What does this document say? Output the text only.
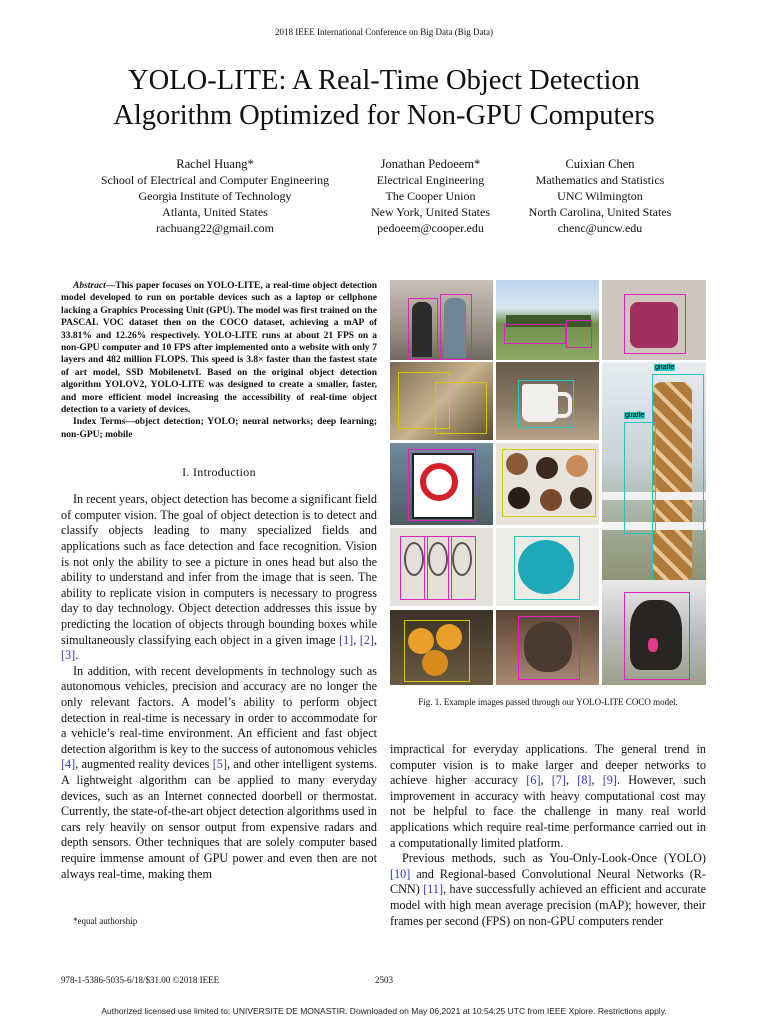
2018 IEEE International Conference on Big Data (Big Data)
YOLO-LITE: A Real-Time Object Detection
Algorithm Optimized for Non-GPU Computers
Rachel Huang*
School of Electrical and Computer Engineering
Georgia Institute of Technology
Atlanta, United States
rachuang22@gmail.com
Jonathan Pedoeem*
Electrical Engineering
The Cooper Union
New York, United States
pedoeem@cooper.edu
Cuixian Chen
Mathematics and Statistics
UNC Wilmington
North Carolina, United States
chenc@uncw.edu

Abstract—This paper focuses on YOLO-LITE, a real-time object detection model developed to run on portable devices such as a laptop or cellphone lacking a Graphics Processing Unit (GPU). The model was first trained on the PASCAL VOC dataset then on the COCO dataset, achieving a mAP of 33.81% and 12.26% respectively. YOLO-LITE runs at about 21 FPS on a non-GPU computer and 10 FPS after implemented onto a website with only 7 layers and 482 million FLOPS. This speed is 3.8× faster than the fastest state of art model, SSD MobilenetvI. Based on the original object detection algorithm YOLOV2, YOLO-LITE was designed to create a smaller, faster, and more efficient model increasing the accessibility of real-time object detection to a variety of devices.

Index Terms—object detection; YOLO; neural networks; deep learning; non-GPU; mobile

I. Introduction

In recent years, object detection has become a significant field of computer vision. The goal of object detection is to detect and classify objects leading to many specialized fields and applications such as face detection and face recognition. Vision is not only the ability to see a picture in ones head but also the ability to understand and infer from the image that is seen. The ability to replicate vision in computers is necessary to progress day to day technology. Object detection addresses this issue by predicting the location of objects through bounding boxes while simultaneously classifying each object in a given image [1], [2], [3].

In addition, with recent developments in technology such as autonomous vehicles, precision and accuracy are no longer the only relevant factors. A model’s ability to perform object detection in real-time is necessary in order to accommodate for a vehicle’s real-time environment. An efficient and fast object detection algorithm is key to the success of autonomous vehicles [4], augmented reality devices [5], and other intelligent systems. A lightweight algorithm can be applied to many everyday devices, such as an Internet connected doorbell or thermostat. Currently, the state-of-the-art object detection algorithms used in cars rely heavily on sensor output from expensive radars and depth sensors. Other techniques that are solely computer based require immense amount of GPU power and even then are not always real-time, making them

*equal authorship
giraffe
giraffe
Fig. 1. Example images passed through our YOLO-LITE COCO model.

impractical for everyday applications. The general trend in computer vision is to make larger and deeper networks to achieve higher accuracy [6], [7], [8], [9]. However, such improvement in accuracy with heavy computational cost may not be helpful to face the challenge in many real world applications which require real-time performance carried out in a computationally limited platform.

Previous methods, such as You-Only-Look-Once (YOLO) [10] and Regional-based Convolutional Neural Networks (R-CNN) [11], have successfully achieved an efficient and accurate model with high mean average precision (mAP); however, their frames per second (FPS) on non-GPU computers render

978-1-5386-5035-6/18/$31.00 ©2018 IEEE	2503
Authorized licensed use limited to: UNIVERSITE DE MONASTIR. Downloaded on May 06,2021 at 10:54:25 UTC from IEEE Xplore. Restrictions apply.
